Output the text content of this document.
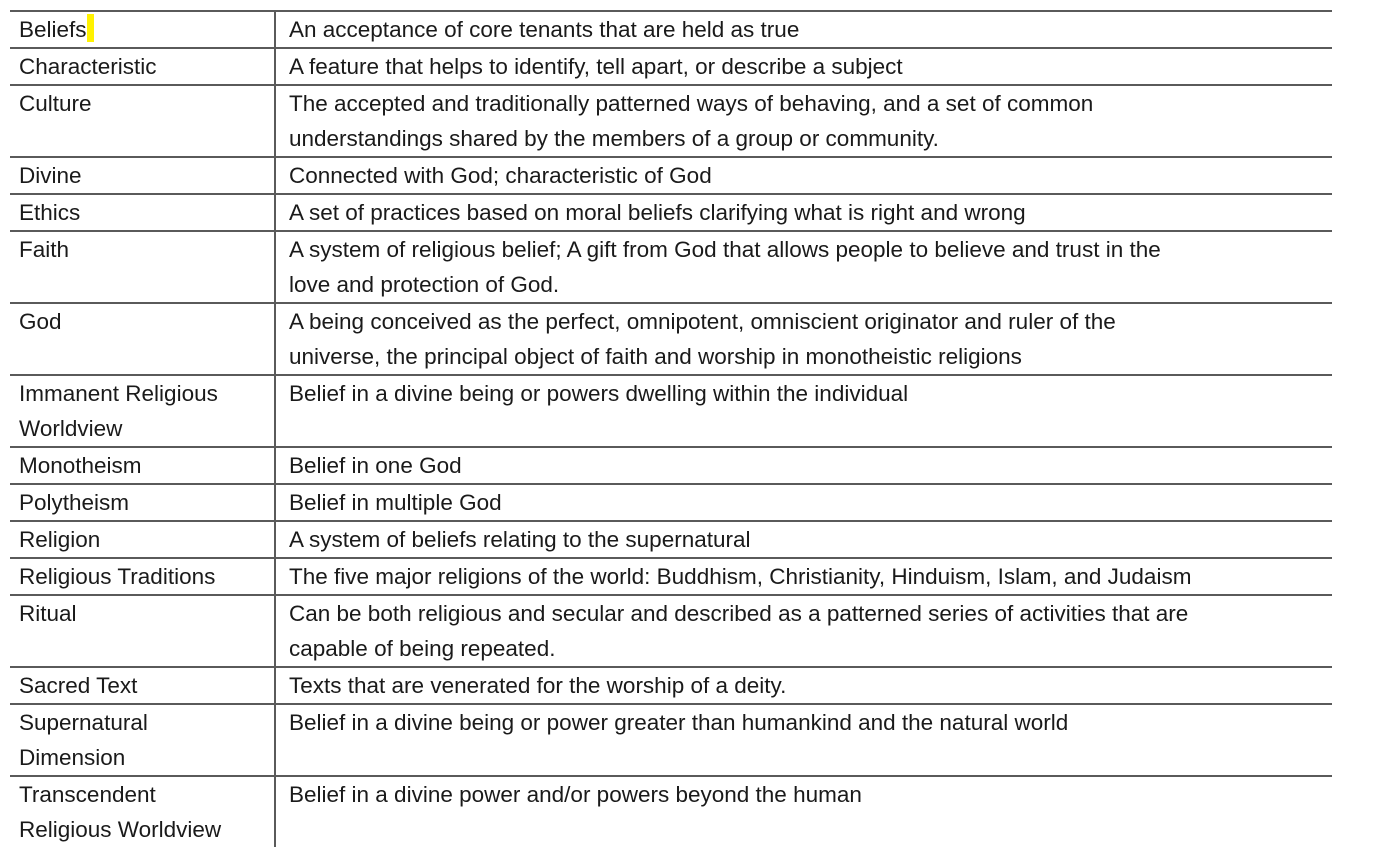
Beliefs	An acceptance of core tenants that are held as true

Characteristic	A feature that helps to identify, tell apart, or describe a subject

Culture	The accepted and traditionally patterned ways of behaving, and a set of common
understandings shared by the members of a group or community.

Divine	Connected with God; characteristic of God

Ethics	A set of practices based on moral beliefs clarifying what is right and wrong

Faith	A system of religious belief; A gift from God that allows people to believe and trust in the
love and protection of God.

God	A being conceived as the perfect, omnipotent, omniscient originator and ruler of the
universe, the principal object of faith and worship in monotheistic religions

Immanent Religious
Worldview	Belief in a divine being or powers dwelling within the individual

Monotheism	Belief in one God

Polytheism	Belief in multiple God

Religion	A system of beliefs relating to the supernatural

Religious Traditions	The five major religions of the world: Buddhism, Christianity, Hinduism, Islam, and Judaism

Ritual	Can be both religious and secular and described as a patterned series of activities that are
capable of being repeated.

Sacred Text	Texts that are venerated for the worship of a deity.

Supernatural
Dimension	Belief in a divine being or power greater than humankind and the natural world

Transcendent
Religious Worldview	Belief in a divine power and/or powers beyond the human
